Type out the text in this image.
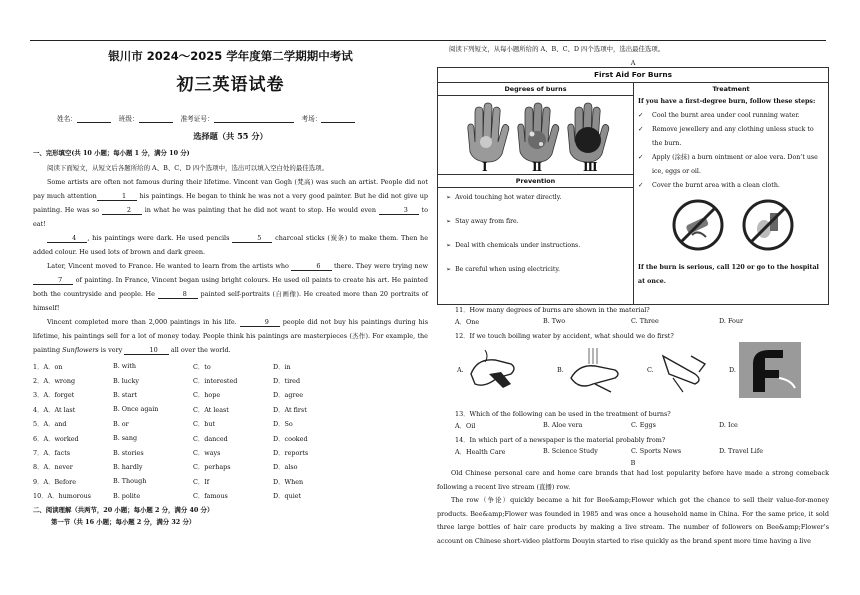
银川市 2024～2025 学年度第二学期期中考试
初三英语试卷
姓名：	班级：	准考证号：	考场：
选择题（共 55 分）
一、完形填空(共 10 小题；每小题 1 分，满分 10 分)

阅读下面短文，从短文后各题所给的 A、B、C、D 四个选项中，选出可以填入空白处的最佳选项。

Some artists are often not famous during their lifetime. Vincent van Gogh (梵高) was such an artist. People did not pay much attention	1    his paintings. He began to think he was not a very good painter. But he did not give up painting. He was so	2    in what he was painting that he did not want to stop. He would even	3    to eat!

4   , his paintings were dark. He used pencils	5    charcoal sticks (炭条) to make them. Then he added colour. He used lots of brown and dark green.

Later, Vincent moved to France. He wanted to learn from the artists who	6    there. They were trying new    7    of painting. In France, Vincent began using bright colours. He used oil paints to create his art. He painted both the countryside and people. He	8    painted self-portraits (自画像). He created more than 20 portraits of himself!

Vincent completed more than 2,000 paintings in his life.	9    people did not buy his paintings during his lifetime, his paintings sell for a lot of money today. People think his paintings are masterpieces (杰作). For example, the painting Sunflowers is very	10    all over the world.

1．A．on	B. with	C．to	D．in
2．A．wrong	B. lucky	C．interested	D．tired
3．A．forget	B. start	C．hope	D．agree
4．A．At last	B. Once again	C．At least	D．At first
5．A．and	B. or	C．but	D．So
6．A．worked	B. sang	C．danced	D．cooked
7．A．facts	B. stories	C．ways	D．reports
8．A．never	B. hardly	C．perhaps	D．also
9．A．Before	B. Though	C．If	D．When
10．A．humorous	B. polite	C．famous	D．quiet
二、阅读理解（共两节，20 小题；每小题 2 分，满分 40 分）
第一节（共 16 小题；每小题 2 分，满分 32 分）
阅读下列短文，从每小题所给的 A、B、C、D 四个选项中，选出最佳选项。
A
First Aid For Burns
Degrees of burns
Ⅰ	Ⅱ	Ⅲ
Prevention
➢  Avoid touching hot water directly.
➢  Stay away from fire.
➢  Deal with chemicals under instructions.
➢  Be careful when using electricity.
Treatment
If you have a first-degree burn, follow these steps:
✓	Cool the burnt area under cool running water.
✓	Remove jewellery and any clothing unless stuck to the burn.
✓	Apply (涂抹) a burn ointment or aloe vera. Don’t use ice, eggs or oil.
✓	Cover the burnt area with a clean cloth.
If the burn is serious, call 120 or go to the hospital at once.
11．How many degrees of burns are shown in the material?
A．One	B. Two	C. Three	D. Four
12．If we touch boiling water by accident, what should we do first?
A.	B.	C.	D.
13．Which of the following can be used in the treatment of burns?
A．Oil	B. Aloe vera	C. Eggs	D. Ice
14．In which part of a newspaper is the material probably from?
A．Health Care	B. Science Study	C. Sports News	D. Travel Life
B

Old Chinese personal care and home care brands that had lost popularity before have made a strong comeback following a recent live stream (直播) row.

The row（争论）quickly became a hit for Bee&amp;Flower which got the chance to sell their value-for-money products. Bee&amp;Flower was founded in 1985 and was once a household name in China. For the same price, it sold three large bottles of hair care products by making a live stream. The number of followers on Bee&amp;Flower’s account on Chinese short-video platform Douyin started to rise quickly as the brand spent more time having a live
